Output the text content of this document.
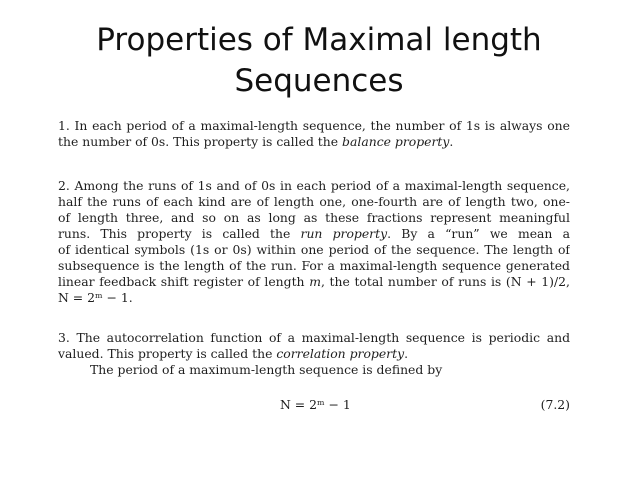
Properties of Maximal length
Sequences
1. In each period of a maximal-length sequence, the number of 1s is always one
the number of 0s. This property is called the balance property.
2. Among the runs of 1s and of 0s in each period of a maximal-length sequence,
half the runs of each kind are of length one, one-fourth are of length two, one-
of length three, and so on as long as these fractions represent meaningful
runs. This property is called the run property. By a “run” we mean a
of identical symbols (1s or 0s) within one period of the sequence. The length of
subsequence is the length of the run. For a maximal-length sequence generated
linear feedback shift register of length m, the total number of runs is (N + 1)/2,
N = 2ᵐ − 1.
3. The autocorrelation function of a maximal-length sequence is periodic and
valued. This property is called the correlation property.
The period of a maximum-length sequence is defined by
N = 2ᵐ − 1	(7.2)
